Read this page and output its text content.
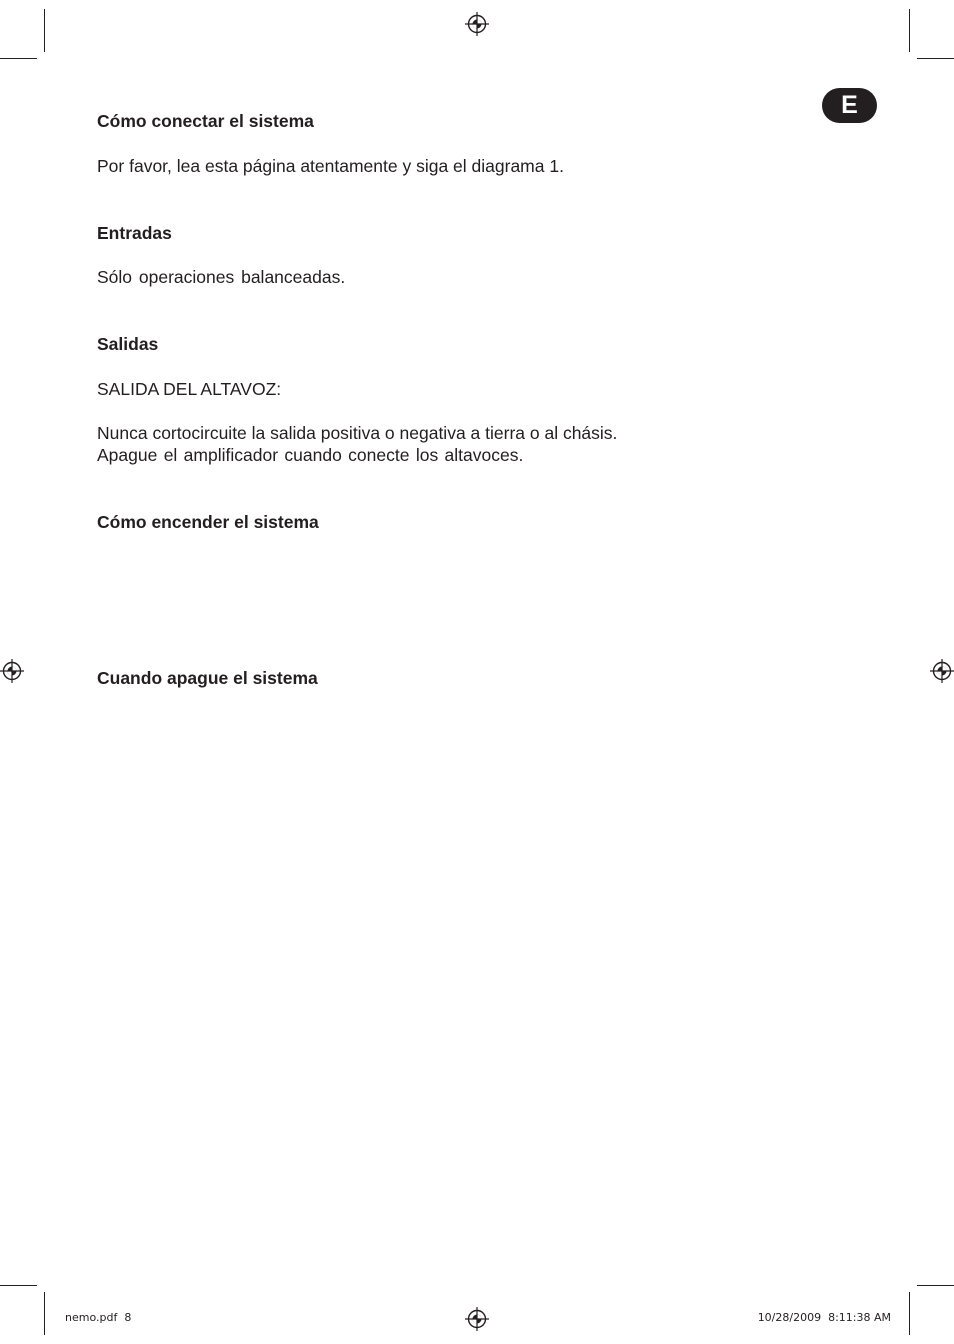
E
Cómo conectar el sistema
Por favor, lea esta página atentamente y siga el diagrama 1.
Entradas
Sólo operaciones balanceadas.
Salidas
SALIDA DEL ALTAVOZ:
Nunca cortocircuite la salida positiva o negativa a tierra o al chásis.
Apague el amplificador cuando conecte los altavoces.
Cómo encender el sistema
Cuando apague el sistema
nemo.pdf  8	10/28/2009  8:11:38 AM
